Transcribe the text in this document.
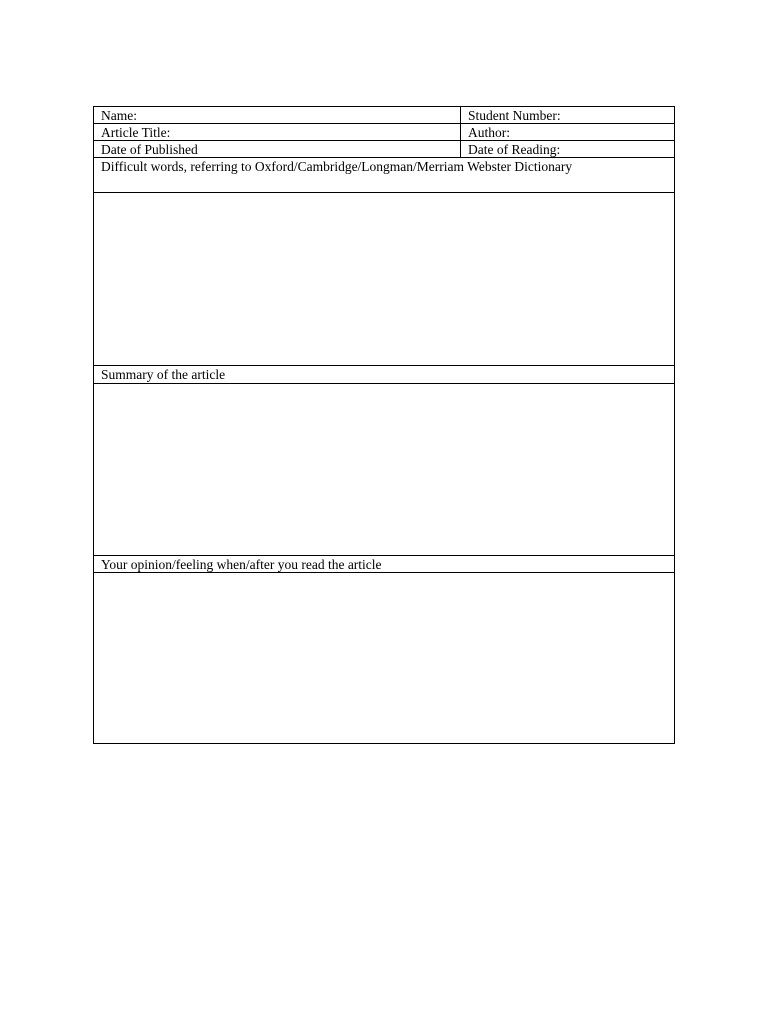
Name:	Student Number:
Article Title:	Author:
Date of Published	Date of Reading:
Difficult words, referring to Oxford/Cambridge/Longman/Merriam Webster Dictionary
Summary of the article
Your opinion/feeling when/after you read the article
